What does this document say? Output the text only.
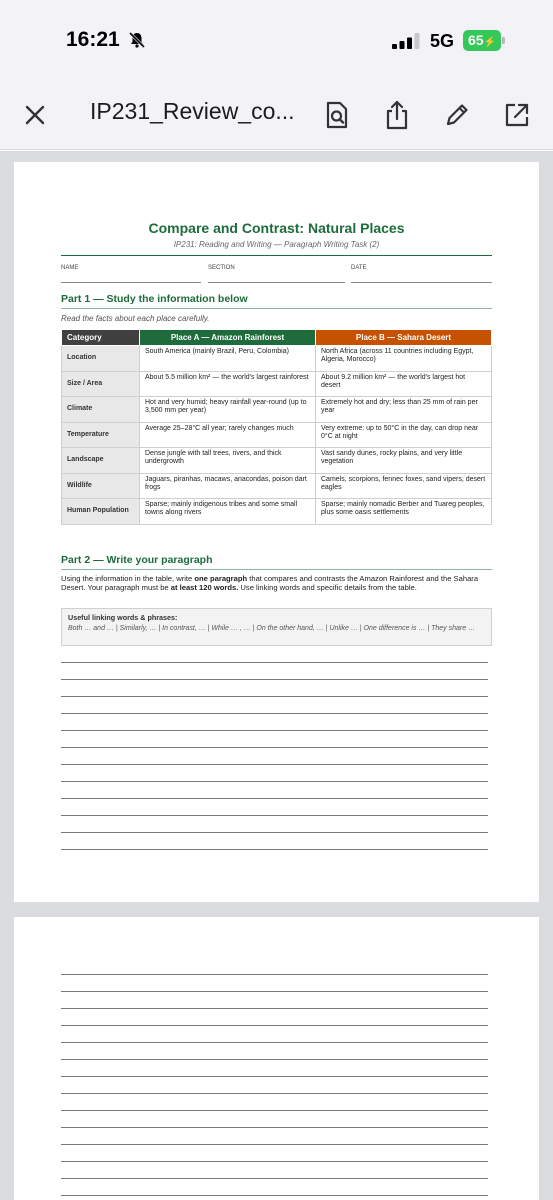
16:21	5G 65⚡
IP231_Review_co...
Compare and Contrast: Natural Places
IP231: Reading and Writing — Paragraph Writing Task (2)
NAME	SECTION	DATE
Part 1 — Study the information below
Read the facts about each place carefully.
Category	Place A — Amazon Rainforest	Place B — Sahara Desert
Location	South America (mainly Brazil, Peru, Colombia)	North Africa (across 11 countries including Egypt, Algeria, Morocco)
Size / Area	About 5.5 million km² — the world's largest rainforest	About 9.2 million km² — the world's largest hot desert
Climate	Hot and very humid; heavy rainfall year-round (up to 3,500 mm per year)	Extremely hot and dry; less than 25 mm of rain per year
Temperature	Average 25–28°C all year; rarely changes much	Very extreme: up to 50°C in the day, can drop near 0°C at night
Landscape	Dense jungle with tall trees, rivers, and thick undergrowth	Vast sandy dunes, rocky plains, and very little vegetation
Wildlife	Jaguars, piranhas, macaws, anacondas, poison dart frogs	Camels, scorpions, fennec foxes, sand vipers, desert eagles
Human Population	Sparse; mainly indigenous tribes and some small towns along rivers	Sparse; mainly nomadic Berber and Tuareg peoples, plus some oasis settlements
Part 2 — Write your paragraph
Using the information in the table, write one paragraph that compares and contrasts the Amazon Rainforest and the Sahara Desert. Your paragraph must be at least 120 words. Use linking words and specific details from the table.
Useful linking words & phrases:
Both … and … | Similarly, … | In contrast, … | While … , … | On the other hand, … | Unlike … | One difference is … | They share …
